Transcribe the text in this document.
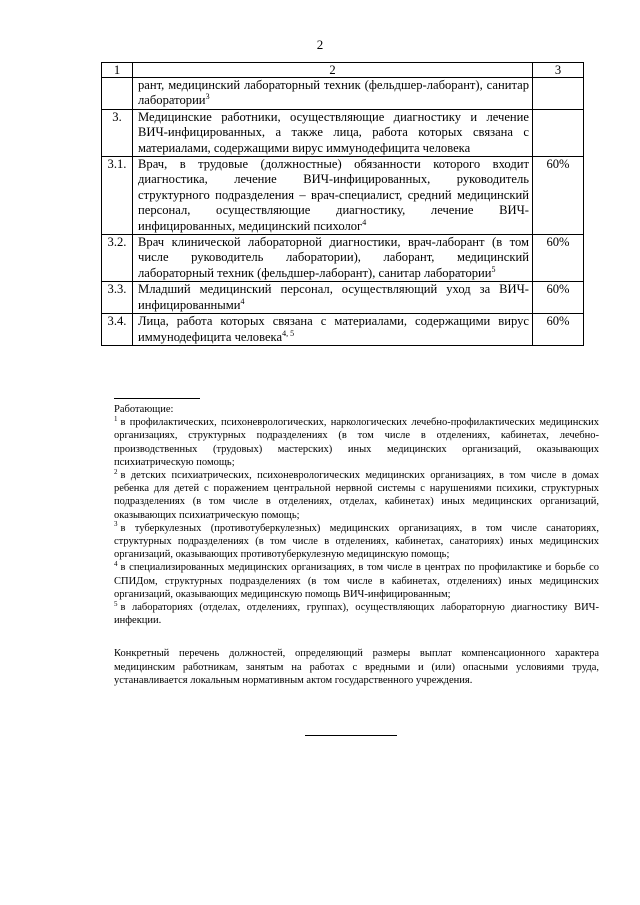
2
1	2	3
	рант, медицинский лабораторный техник (фельдшер-лаборант), санитар лаборатории$^3$	
3.	Медицинские работники, осуществляющие диагностику и лечение ВИЧ-инфицированных, а также лица, работа которых связана с материалами, содержащими вирус иммунодефицита человека	
3.1.	Врач, в трудовые (должностные) обязанности которого входит диагностика, лечение ВИЧ-инфицированных, руководитель структурного подразделения – врач-специалист, средний медицинский персонал, осуществляющие диагностику, лечение ВИЧ-инфицированных, медицинский психолог$^4$	60%
3.2.	Врач клинической лабораторной диагностики, врач-лаборант (в том числе руководитель лаборатории), лаборант, медицинский лабораторный техник (фельдшер-лаборант), санитар лаборатории$^5$	60%
3.3.	Младший медицинский персонал, осуществляющий уход за ВИЧ-инфицированными$^4$	60%
3.4.	Лица, работа которых связана с материалами, содержащими вирус иммунодефицита человека$^{4, 5}$	60%

Работающие:

$^1$ в профилактических, психоневрологических, наркологических лечебно-профилактических медицинских организациях, структурных подразделениях (в том числе в отделениях, кабинетах, лечебно-производственных (трудовых) мастерских) иных медицинских организаций, оказывающих психиатрическую помощь;
$^2$ в детских психиатрических, психоневрологических медицинских организациях, в том числе в домах ребенка для детей с поражением центральной нервной системы с нарушениями психики, структурных подразделениях (в том числе в отделениях, отделах, кабинетах) иных медицинских организаций, оказывающих психиатрическую помощь;
$^3$ в туберкулезных (противотуберкулезных) медицинских организациях, в том числе санаториях, структурных подразделениях (в том числе в отделениях, кабинетах, санаториях) иных медицинских организаций, оказывающих противотуберкулезную медицинскую помощь;
$^4$ в специализированных медицинских организациях, в том числе в центрах по профилактике и борьбе со СПИДом, структурных подразделениях (в том числе в кабинетах, отделениях) иных медицинских организаций, оказывающих медицинскую помощь ВИЧ-инфицированным;
$^5$ в лабораториях (отделах, отделениях, группах), осуществляющих лабораторную диагностику ВИЧ-инфекции.

Конкретный перечень должностей, определяющий размеры выплат компенсационного характера медицинским работникам, занятым на работах с вредными и (или) опасными условиями труда, устанавливается локальным нормативным актом государственного учреждения.
